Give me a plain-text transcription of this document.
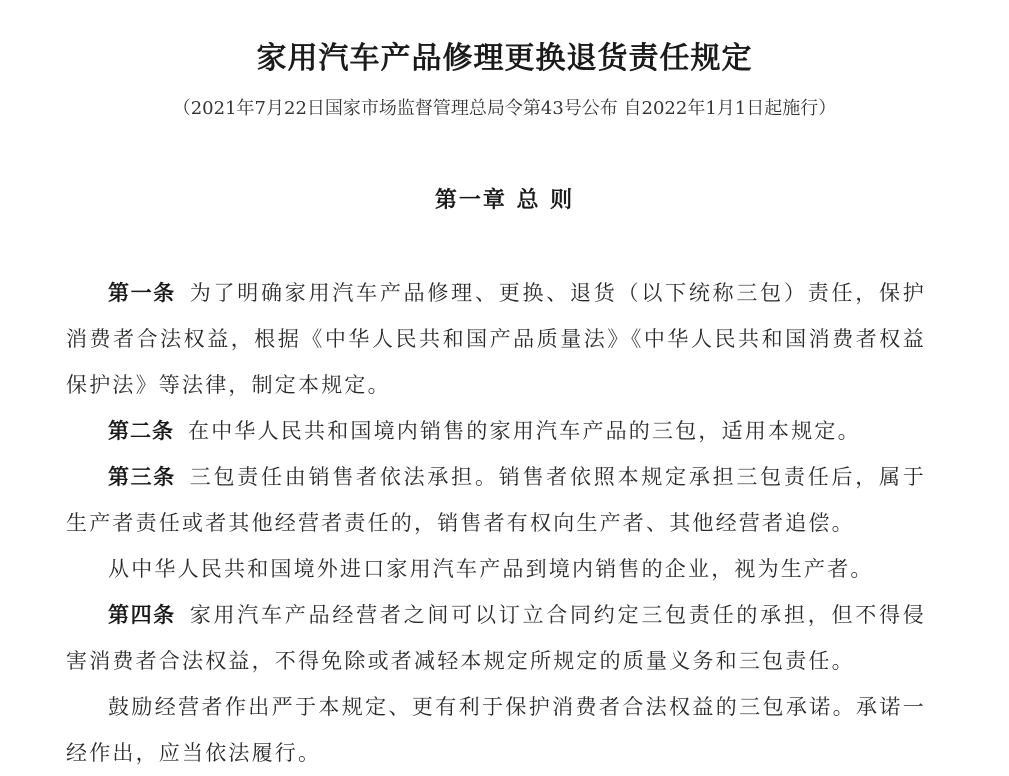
家用汽车产品修理更换退货责任规定
（2021年7月22日国家市场监督管理总局令第43号公布 自2022年1月1日起施行）
第一章 总 则

第一条 为了明确家用汽车产品修理、更换、退货（以下统称三包）责任，保护消费者合法权益，根据《中华人民共和国产品质量法》《中华人民共和国消费者权益保护法》等法律，制定本规定。

第二条 在中华人民共和国境内销售的家用汽车产品的三包，适用本规定。

第三条 三包责任由销售者依法承担。销售者依照本规定承担三包责任后，属于生产者责任或者其他经营者责任的，销售者有权向生产者、其他经营者追偿。

从中华人民共和国境外进口家用汽车产品到境内销售的企业，视为生产者。

第四条 家用汽车产品经营者之间可以订立合同约定三包责任的承担，但不得侵害消费者合法权益，不得免除或者减轻本规定所规定的质量义务和三包责任。

鼓励经营者作出严于本规定、更有利于保护消费者合法权益的三包承诺。承诺一经作出，应当依法履行。
